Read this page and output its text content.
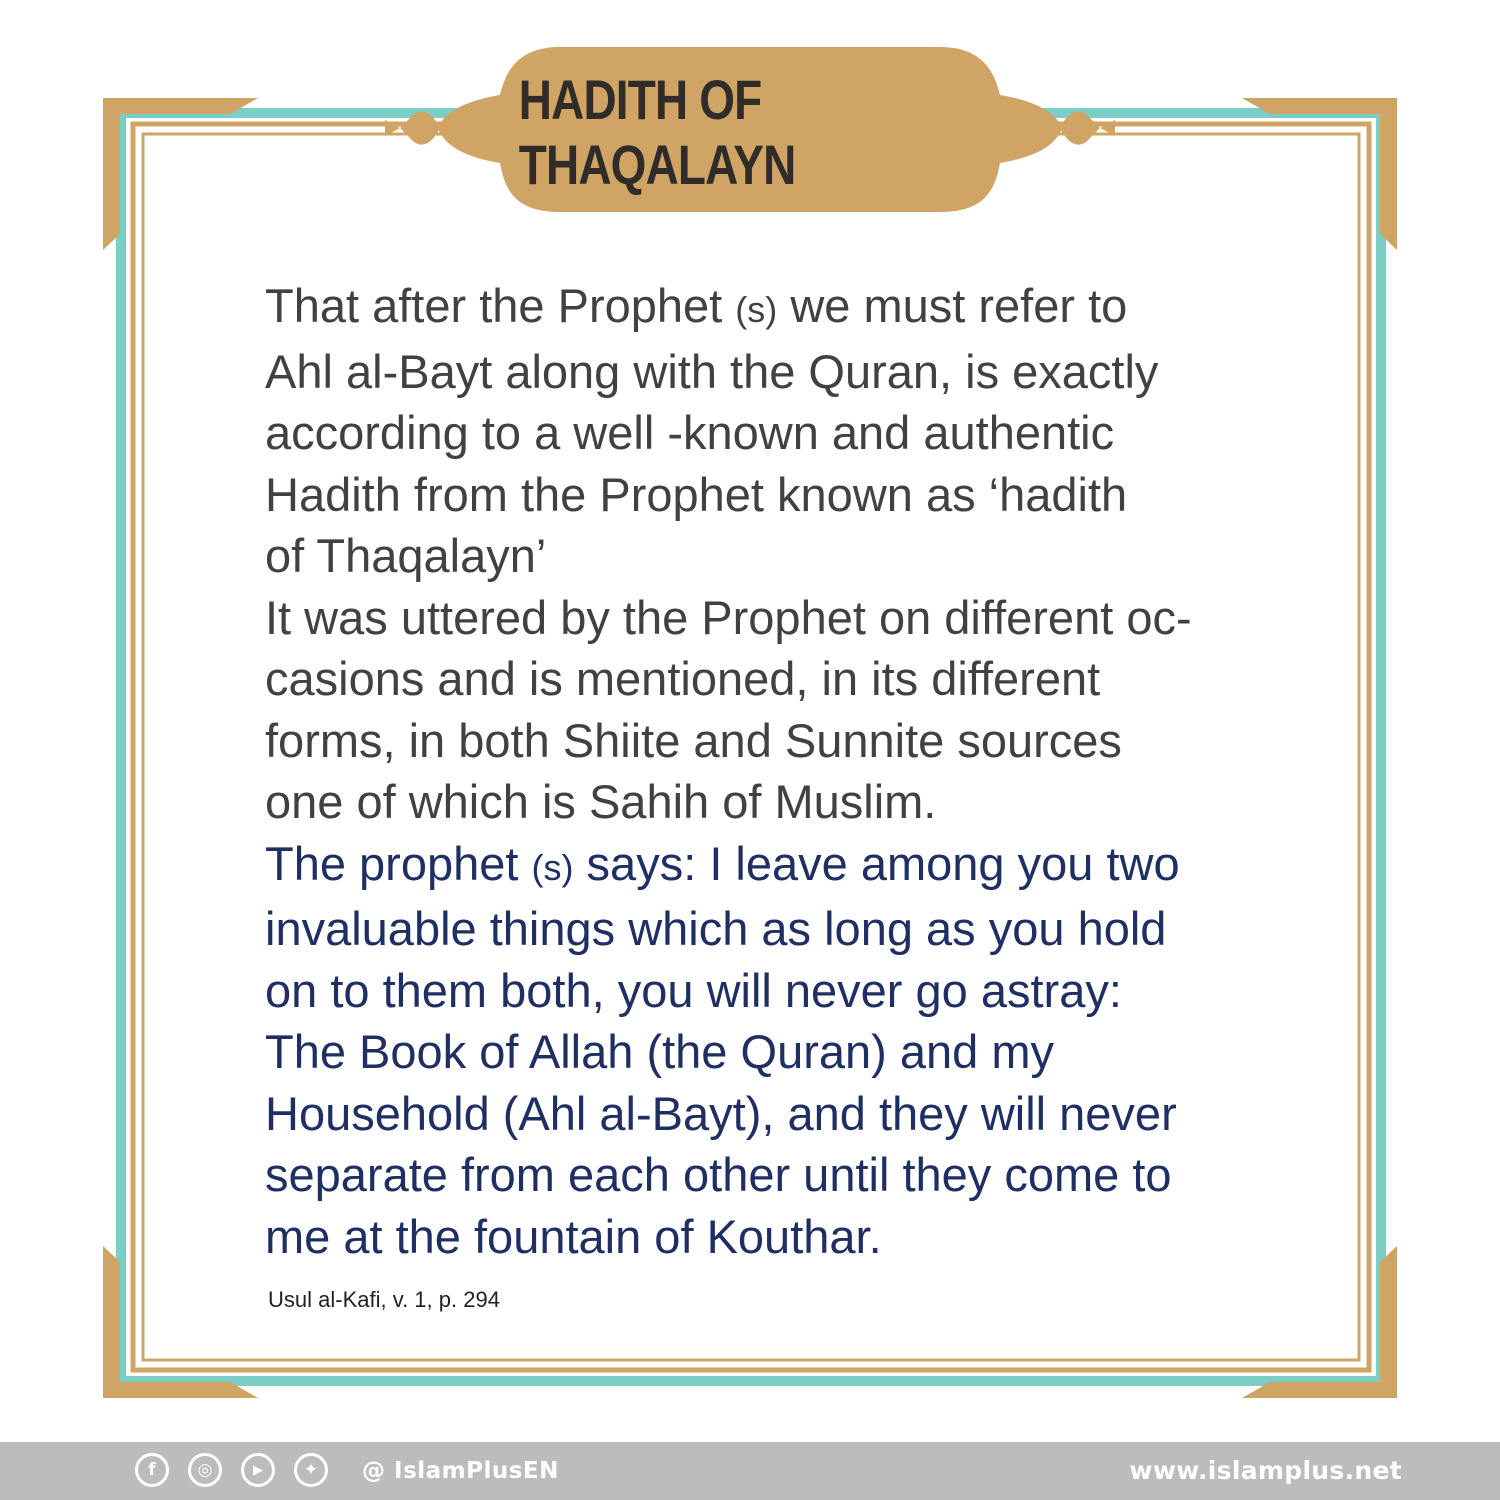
HADITH OF THAQALAYN
That after the Prophet (s) we must refer to
Ahl al-Bayt along with the Quran, is exactly
according to a well -known and authentic
Hadith from the Prophet known as ‘hadith
of Thaqalayn’
It was uttered by the Prophet on different oc-
casions and is mentioned, in its different
forms, in both Shiite and Sunnite sources
one of which is Sahih of Muslim.
The prophet (s) says: I leave among you two
invaluable things which as long as you hold
on to them both, you will never go astray:
The Book of Allah (the Quran) and my
Household (Ahl al-Bayt), and they will never
separate from each other until they come to
me at the fountain of Kouthar.
Usul al-Kafi, v. 1, p. 294
f	◎	▶	✦	@ IslamPlusEN	www.islamplus.net
